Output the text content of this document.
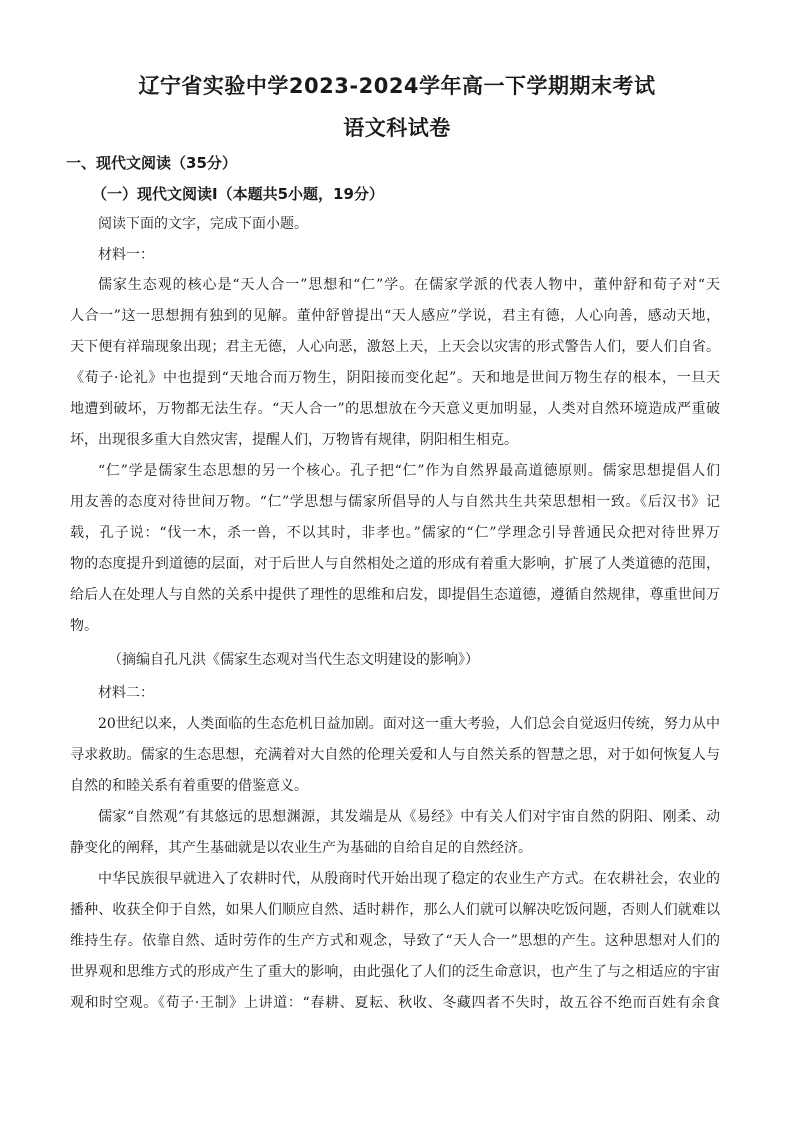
辽宁省实验中学2023-2024学年高一下学期期末考试
语文科试卷
一、现代文阅读（35分）
（一）现代文阅读Ⅰ（本题共5小题，19分）
阅读下面的文字，完成下面小题。
材料一：
儒家生态观的核心是“天人合一”思想和“仁”学。在儒家学派的代表人物中，董仲舒和荀子对“天
人合一”这一思想拥有独到的见解。董仲舒曾提出“天人感应”学说，君主有德，人心向善，感动天地，
天下便有祥瑞现象出现；君主无德，人心向恶，激怒上天，上天会以灾害的形式警告人们，要人们自省。
《荀子·论礼》中也提到“天地合而万物生，阴阳接而变化起”。天和地是世间万物生存的根本，一旦天
地遭到破坏，万物都无法生存。“天人合一”的思想放在今天意义更加明显，人类对自然环境造成严重破
坏，出现很多重大自然灾害，提醒人们，万物皆有规律，阴阳相生相克。
“仁”学是儒家生态思想的另一个核心。孔子把“仁”作为自然界最高道德原则。儒家思想提倡人们
用友善的态度对待世间万物。“仁”学思想与儒家所倡导的人与自然共生共荣思想相一致。《后汉书》记
载，孔子说：“伐一木，杀一兽，不以其时，非孝也。”儒家的“仁”学理念引导普通民众把对待世界万
物的态度提升到道德的层面，对于后世人与自然相处之道的形成有着重大影响，扩展了人类道德的范围，
给后人在处理人与自然的关系中提供了理性的思维和启发，即提倡生态道德，遵循自然规律，尊重世间万
物。
（摘编自孔凡洪《儒家生态观对当代生态文明建设的影响》）
材料二：
20世纪以来，人类面临的生态危机日益加剧。面对这一重大考验，人们总会自觉返归传统，努力从中
寻求救助。儒家的生态思想，充满着对大自然的伦理关爱和人与自然关系的智慧之思，对于如何恢复人与
自然的和睦关系有着重要的借鉴意义。
儒家“自然观”有其悠远的思想渊源，其发端是从《易经》中有关人们对宇宙自然的阴阳、刚柔、动
静变化的阐释，其产生基础就是以农业生产为基础的自给自足的自然经济。
中华民族很早就进入了农耕时代，从殷商时代开始出现了稳定的农业生产方式。在农耕社会，农业的
播种、收获全仰于自然，如果人们顺应自然、适时耕作，那么人们就可以解决吃饭问题，否则人们就难以
维持生存。依靠自然、适时劳作的生产方式和观念，导致了“天人合一”思想的产生。这种思想对人们的
世界观和思维方式的形成产生了重大的影响，由此强化了人们的泛生命意识，也产生了与之相适应的宇宙
观和时空观。《荀子·王制》上讲道：“春耕、夏耘、秋收、冬藏四者不失时，故五谷不绝而百姓有余食
